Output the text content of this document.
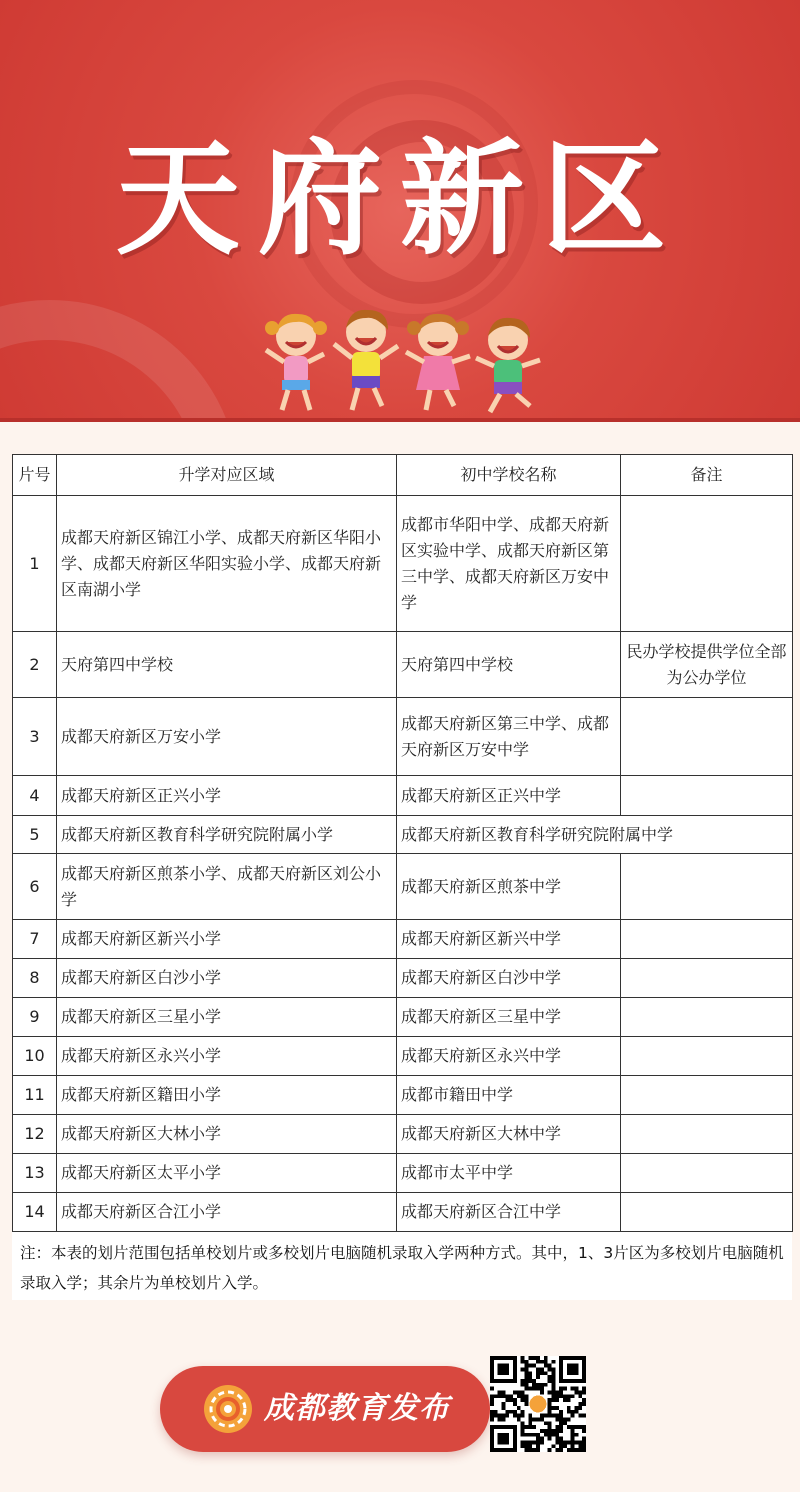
天府新区
片号	升学对应区域	初中学校名称	备注
1	成都天府新区锦江小学、成都天府新区华阳小学、成都天府新区华阳实验小学、成都天府新区南湖小学	成都市华阳中学、成都天府新区实验中学、成都天府新区第三中学、成都天府新区万安中学	
2	天府第四中学校	天府第四中学校	民办学校提供学位全部为公办学位
3	成都天府新区万安小学	成都天府新区第三中学、成都天府新区万安中学	
4	成都天府新区正兴小学	成都天府新区正兴中学	
5	成都天府新区教育科学研究院附属小学	成都天府新区教育科学研究院附属中学	
6	成都天府新区煎茶小学、成都天府新区刘公小学	成都天府新区煎茶中学	
7	成都天府新区新兴小学	成都天府新区新兴中学	
8	成都天府新区白沙小学	成都天府新区白沙中学	
9	成都天府新区三星小学	成都天府新区三星中学	
10	成都天府新区永兴小学	成都天府新区永兴中学	
11	成都天府新区籍田小学	成都市籍田中学	
12	成都天府新区大林小学	成都天府新区大林中学	
13	成都天府新区太平小学	成都市太平中学	
14	成都天府新区合江小学	成都天府新区合江中学	
注：本表的划片范围包括单校划片或多校划片电脑随机录取入学两种方式。其中，1、3片区为多校划片电脑随机录取入学；其余片为单校划片入学。
成都教育发布
